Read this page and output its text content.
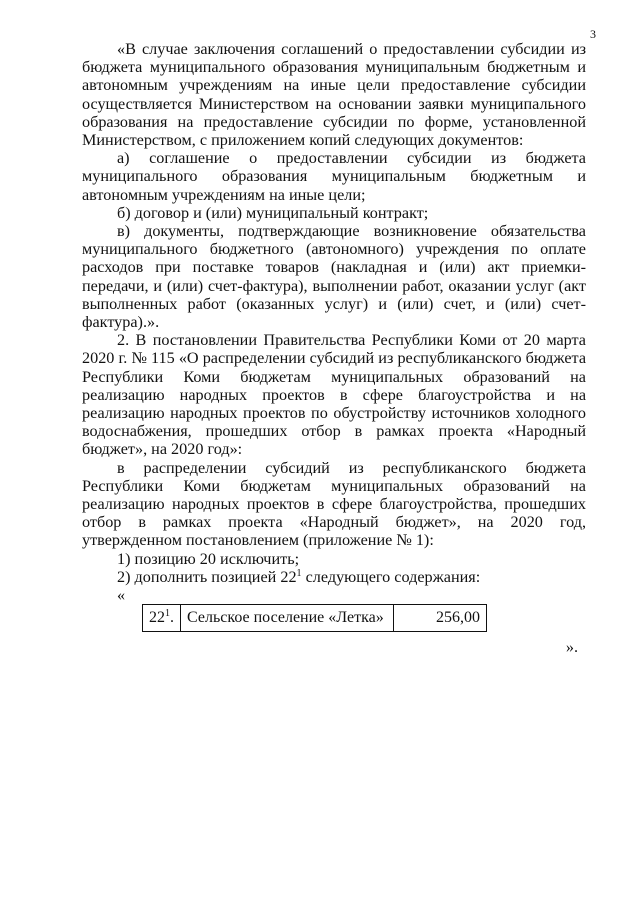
3

«В случае заключения соглашений о предоставлении субсидии из бюджета муниципального образования муниципальным бюджетным и автономным учреждениям на иные цели предоставление субсидии осуществляется Министерством на основании заявки муниципального образования на предоставление субсидии по форме, установленной Министерством, с приложением копий следующих документов:

а) соглашение о предоставлении субсидии из бюджета муниципального образования муниципальным бюджетным и автономным учреждениям на иные цели;

б) договор и (или) муниципальный контракт;

в) документы, подтверждающие возникновение обязательства муниципального бюджетного (автономного) учреждения по оплате расходов при поставке товаров (накладная и (или) акт приемки-передачи, и (или) счет-фактура), выполнении работ, оказании услуг (акт выполненных работ (оказанных услуг) и (или) счет, и (или) счет-фактура).».

2. В постановлении Правительства Республики Коми от 20 марта 2020 г. № 115 «О распределении субсидий из республиканского бюджета Республики Коми бюджетам муниципальных образований на реализацию народных проектов в сфере благоустройства и на реализацию народных проектов по обустройству источников холодного водоснабжения, прошедших отбор в рамках проекта «Народный бюджет», на 2020 год»:

в распределении субсидий из республиканского бюджета Республики Коми бюджетам муниципальных образований на реализацию народных проектов в сфере благоустройства, прошедших отбор в рамках проекта «Народный бюджет», на 2020 год, утвержденном постановлением (приложение № 1):

1) позицию 20 исключить;

2) дополнить позицией $22^1$ следующего содержания:

«

$22^1$.	Сельское поселение «Летка»	256,00

».
